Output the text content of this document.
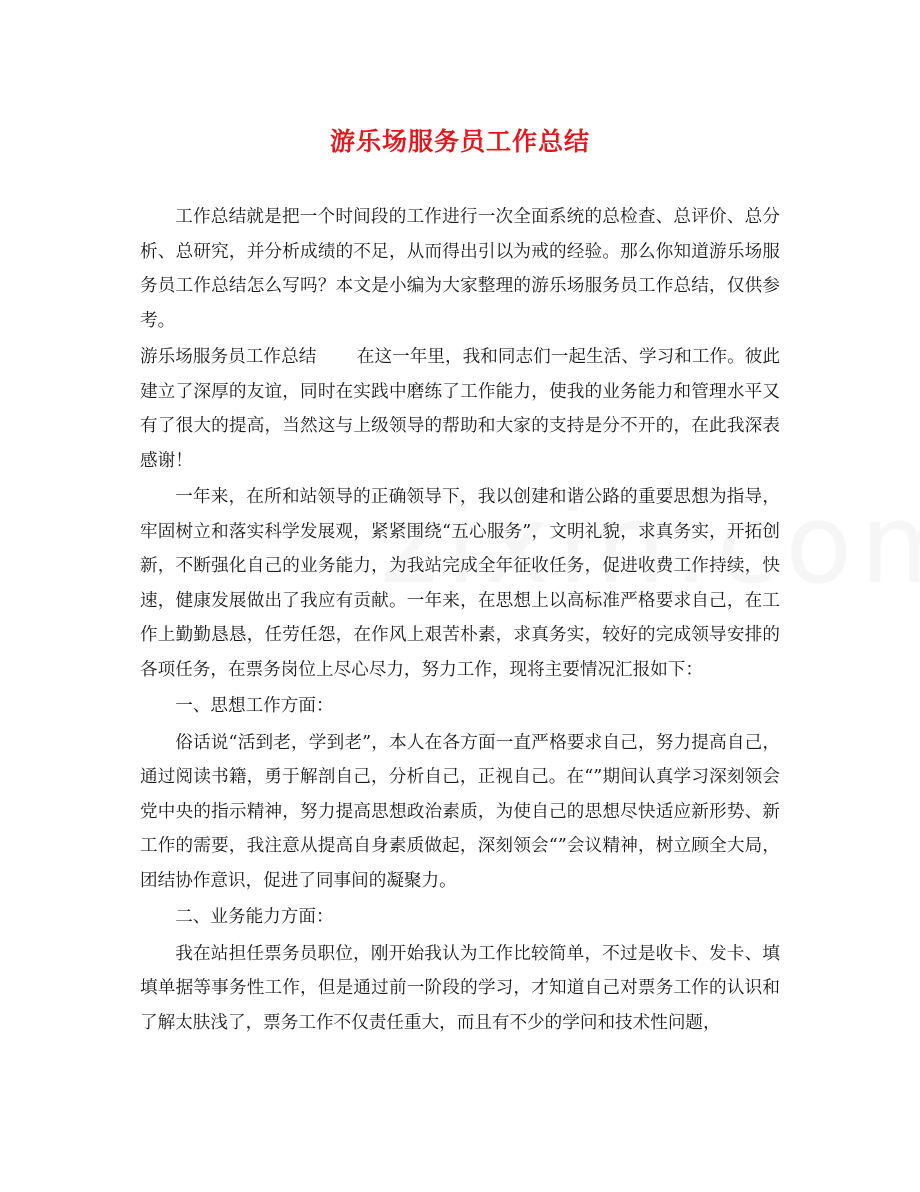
游乐场服务员工作总结

工作总结就是把一个时间段的工作进行一次全面系统的总检查、总评价、总分析、总研究，并分析成绩的不足，从而得出引以为戒的经验。那么你知道游乐场服务员工作总结怎么写吗？本文是小编为大家整理的游乐场服务员工作总结，仅供参考。

游乐场服务员工作总结 在这一年里，我和同志们一起生活、学习和工作。彼此建立了深厚的友谊，同时在实践中磨练了工作能力，使我的业务能力和管理水平又有了很大的提高，当然这与上级领导的帮助和大家的支持是分不开的，在此我深表感谢！

一年来，在所和站领导的正确领导下，我以创建和谐公路的重要思想为指导，牢固树立和落实科学发展观，紧紧围绕“五心服务”，文明礼貌，求真务实，开拓创新，不断强化自己的业务能力，为我站完成全年征收任务，促进收费工作持续，快速，健康发展做出了我应有贡献。一年来，在思想上以高标准严格要求自己，在工作上勤勤恳恳，任劳任怨，在作风上艰苦朴素，求真务实，较好的完成领导安排的各项任务，在票务岗位上尽心尽力，努力工作，现将主要情况汇报如下：

一、思想工作方面：

俗话说“活到老，学到老”，本人在各方面一直严格要求自己，努力提高自己，通过阅读书籍，勇于解剖自己，分析自己，正视自己。在“”期间认真学习深刻领会党中央的指示精神，努力提高思想政治素质，为使自己的思想尽快适应新形势、新工作的需要，我注意从提高自身素质做起，深刻领会“”会议精神，树立顾全大局，团结协作意识，促进了同事间的凝聚力。

二、业务能力方面：

我在站担任票务员职位，刚开始我认为工作比较简单，不过是收卡、发卡、填填单据等事务性工作，但是通过前一阶段的学习，才知道自己对票务工作的认识和了解太肤浅了，票务工作不仅责任重大，而且有不少的学问和技术性问题，
